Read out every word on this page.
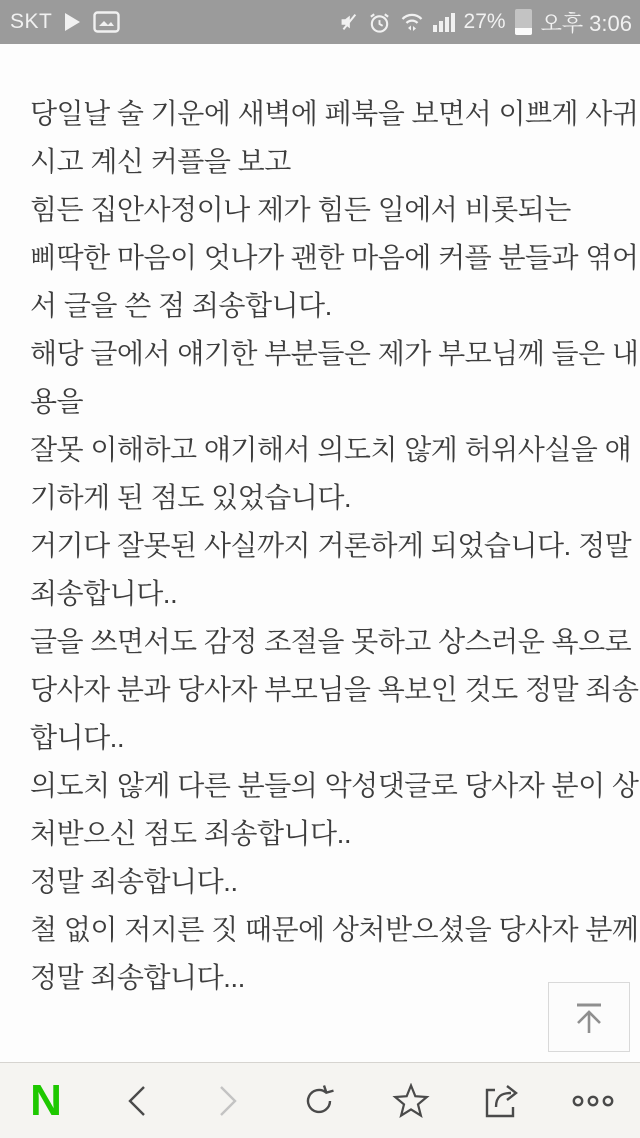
SKT	27% 오후 3:06
당일날 술 기운에 새벽에 페북을 보면서 이쁘게 사귀
시고 계신 커플을 보고
힘든 집안사정이나 제가 힘든 일에서 비롯되는
삐딱한 마음이 엇나가 괜한 마음에 커플 분들과 엮어
서 글을 쓴 점 죄송합니다.
해당 글에서 얘기한 부분들은 제가 부모님께 들은 내
용을
잘못 이해하고 얘기해서 의도치 않게 허위사실을 얘
기하게 된 점도 있었습니다.
거기다 잘못된 사실까지 거론하게 되었습니다. 정말
죄송합니다..
글을 쓰면서도 감정 조절을 못하고 상스러운 욕으로
당사자 분과 당사자 부모님을 욕보인 것도 정말 죄송
합니다..
의도치 않게 다른 분들의 악성댓글로 당사자 분이 상
처받으신 점도 죄송합니다..
정말 죄송합니다..
철 없이 저지른 짓 때문에 상처받으셨을 당사자 분께
정말 죄송합니다...
N
